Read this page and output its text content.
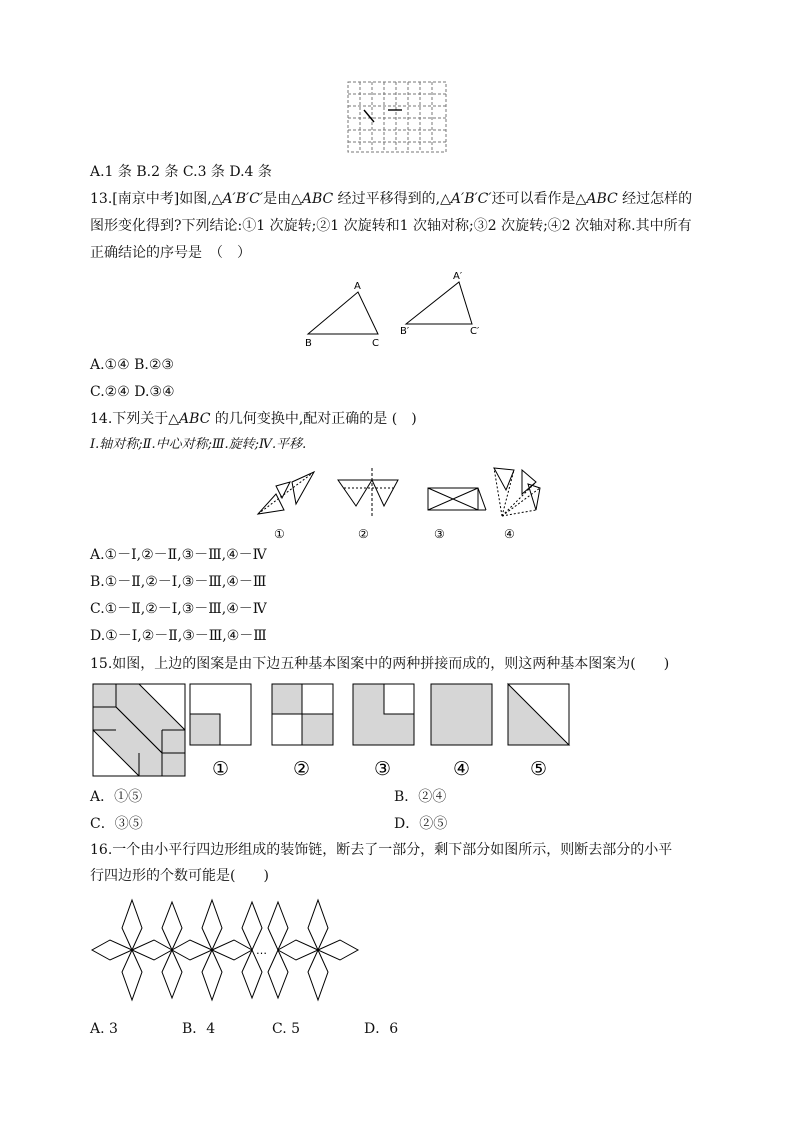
A.1 条 B.2 条 C.3 条 D.4 条
13.[南京中考]如图,△A′B′C′是由△ABC 经过平移得到的,△A′B′C′还可以看作是△ABC 经过怎样的
图形变化得到?下列结论:①1 次旋转;②1 次旋转和1 次轴对称;③2 次旋转;④2 次轴对称.其中所有
正确结论的序号是　（　）
A
B	C
A′
B′	C′
A.①④ B.②③
C.②④ D.③④
14.下列关于△ABC 的几何变换中,配对正确的是 (　)
Ⅰ.轴对称;Ⅱ.中心对称;Ⅲ.旋转;Ⅳ.平移.
①	②	③	④
A.①－Ⅰ,②－Ⅱ,③－Ⅲ,④－Ⅳ
B.①－Ⅱ,②－Ⅰ,③－Ⅲ,④－Ⅲ
C.①－Ⅱ,②－Ⅰ,③－Ⅲ,④－Ⅳ
D.①－Ⅰ,②－Ⅱ,③－Ⅲ,④－Ⅲ
15.如图，上边的图案是由下边五种基本图案中的两种拼接而成的，则这两种基本图案为(　　)
①	②	③	④	⑤
A．①⑤	B．②④
C．③⑤	D．②⑤
16.一个由小平行四边形组成的装饰链，断去了一部分，剩下部分如图所示，则断去部分的小平
行四边形的个数可能是(　　)
…
A. 3	B．4	C. 5	D．6
